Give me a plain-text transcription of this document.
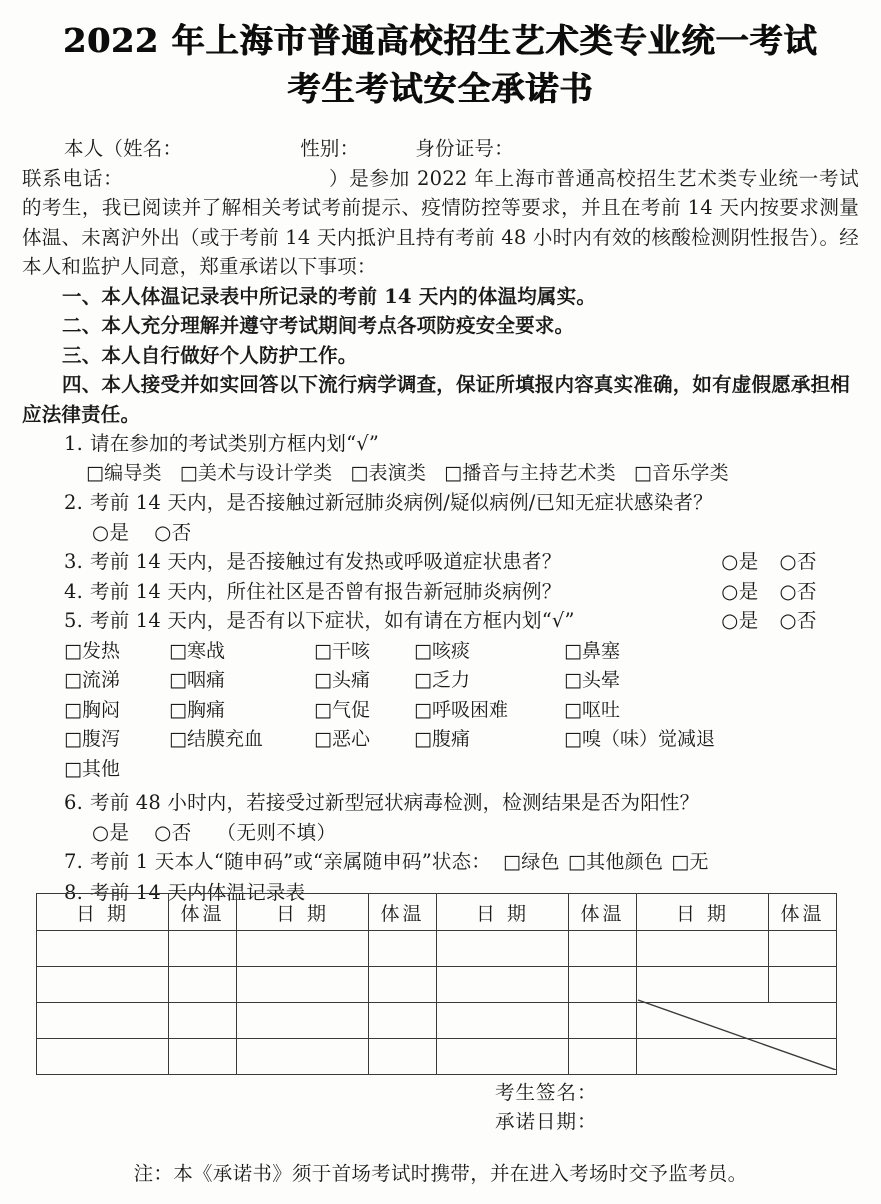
2022 年上海市普通高校招生艺术类专业统一考试
考生考试安全承诺书
本人（姓名：	性别：	身份证号：
联系电话：	）是参加 2022 年上海市普通高校招生艺术类专业统一考试的考生，我已阅读并了解相关考试考前提示、疫情防控等要求，并且在考前 14 天内按要求测量体温、未离沪外出（或于考前 14 天内抵沪且持有考前 48 小时内有效的核酸检测阴性报告）。经本人和监护人同意，郑重承诺以下事项：
一、本人体温记录表中所记录的考前 14 天内的体温均属实。
二、本人充分理解并遵守考试期间考点各项防疫安全要求。
三、本人自行做好个人防护工作。
四、本人接受并如实回答以下流行病学调查，保证所填报内容真实准确，如有虚假愿承担相应法律责任。
1. 请在参加的考试类别方框内划“√”
□编导类 □美术与设计学类 □表演类 □播音与主持艺术类 □音乐学类
2. 考前 14 天内，是否接触过新冠肺炎病例/疑似病例/已知无症状感染者？
○是 ○否
3. 考前 14 天内，是否接触过有发热或呼吸道症状患者？	○是 ○否
4. 考前 14 天内，所住社区是否曾有报告新冠肺炎病例？	○是 ○否
5. 考前 14 天内，是否有以下症状，如有请在方框内划“√”	○是 ○否
□发热	□寒战	□干咳	□咳痰	□鼻塞
□流涕	□咽痛	□头痛	□乏力	□头晕
□胸闷	□胸痛	□气促	□呼吸困难	□呕吐
□腹泻	□结膜充血	□恶心	□腹痛	□嗅（味）觉减退
□其他
6. 考前 48 小时内，若接受过新型冠状病毒检测，检测结果是否为阳性？
○是 ○否 （无则不填）
7. 考前 1 天本人“随申码”或“亲属随申码”状态： □绿色 □其他颜色 □无
8. 考前 14 天内体温记录表
日 期	体温	日 期	体温	日 期	体温	日 期	体温

考生签名：
承诺日期：
注：本《承诺书》须于首场考试时携带，并在进入考场时交予监考员。
